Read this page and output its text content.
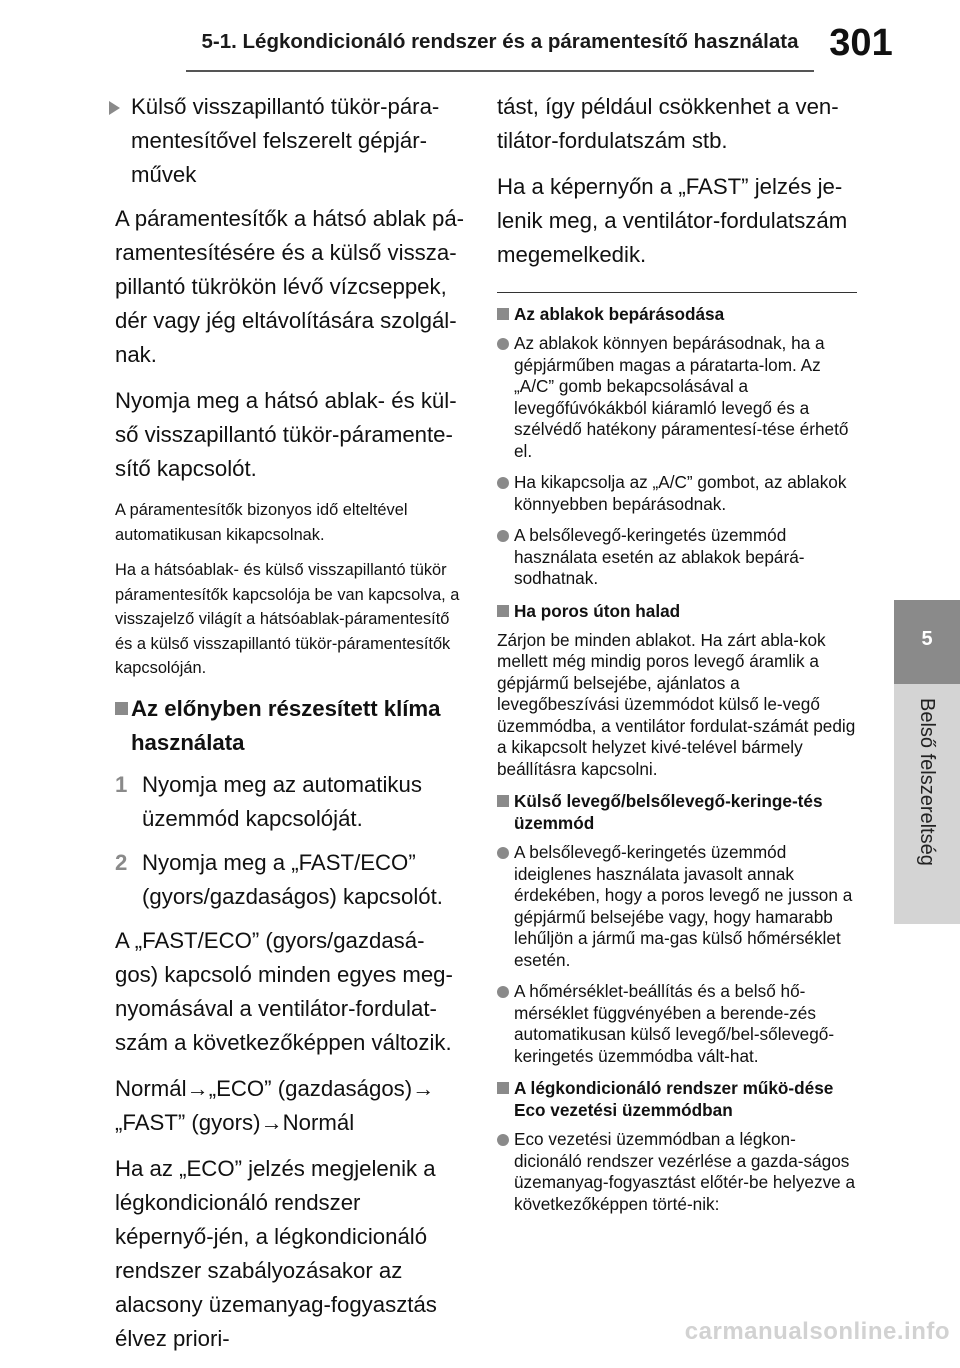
5-1. Légkondicionáló rendszer és a páramentesítő használata 301
5
Belső felszereltség
Külső visszapillantó tükör-pára-mentesítővel felszerelt gépjár-művek

A páramentesítők a hátsó ablak pá-ramentesítésére és a külső vissza-pillantó tükrökön lévő vízcseppek, dér vagy jég eltávolítására szolgál-nak.

Nyomja meg a hátsó ablak- és kül-ső visszapillantó tükör-páramente-sítő kapcsolót.

A páramentesítők bizonyos idő elteltével automatikusan kikapcsolnak.

Ha a hátsóablak- és külső visszapillantó tükör páramentesítők kapcsolója be van kapcsolva, a visszajelző világít a hátsóablak-páramentesítő és a külső visszapillantó tükör-páramentesítők kapcsolóján.

Az előnyben részesített klíma használata
1 Nyomja meg az automatikus üzemmód kapcsolóját.
2 Nyomja meg a „FAST/ECO” (gyors/gazdaságos) kapcsolót.

A „FAST/ECO” (gyors/gazdasá-gos) kapcsoló minden egyes meg-nyomásával a ventilátor-fordulat-szám a következőképpen változik.

Normál→„ECO” (gazdaságos)→ „FAST” (gyors)→Normál

Ha az „ECO” jelzés megjelenik a légkondicionáló rendszer képernyő-jén, a légkondicionáló rendszer szabályozásakor az alacsony üzemanyag-fogyasztás élvez priori-

tást, így például csökkenhet a ven-tilátor-fordulatszám stb.

Ha a képernyőn a „FAST” jelzés je-lenik meg, a ventilátor-fordulatszám megemelkedik.

Az ablakok bepárásodása
Az ablakok könnyen bepárásodnak, ha a gépjárműben magas a páratarta-lom. Az „A/C” gomb bekapcsolásával a levegőfúvókákból kiáramló levegő és a szélvédő hatékony páramentesí-tése érhető el.
Ha kikapcsolja az „A/C” gombot, az ablakok könnyebben bepárásodnak.
A belsőlevegő-keringetés üzemmód használata esetén az ablakok bepárá-sodhatnak.
Ha poros úton halad

Zárjon be minden ablakot. Ha zárt abla-kok mellett még mindig poros levegő áramlik a gépjármű belsejébe, ajánlatos a levegőbeszívási üzemmódot külső le-vegő üzemmódba, a ventilátor fordulat-számát pedig a kikapcsolt helyzet kivé-telével bármely beállításra kapcsolni.

Külső levegő/belsőlevegő-keringe-tés üzemmód
A belsőlevegő-keringetés üzemmód ideiglenes használata javasolt annak érdekében, hogy a poros levegő ne jusson a gépjármű belsejébe vagy, hogy hamarabb lehűljön a jármű ma-gas külső hőmérséklet esetén.
A hőmérséklet-beállítás és a belső hő-mérséklet függvényében a berende-zés automatikusan külső levegő/bel-sőlevegő-keringetés üzemmódba vált-hat.
A légkondicionáló rendszer műkö-dése Eco vezetési üzemmódban
Eco vezetési üzemmódban a légkon-dicionáló rendszer vezérlése a gazda-ságos üzemanyag-fogyasztást előtér-be helyezve a következőképpen törté-nik:
carmanualsonline.info
